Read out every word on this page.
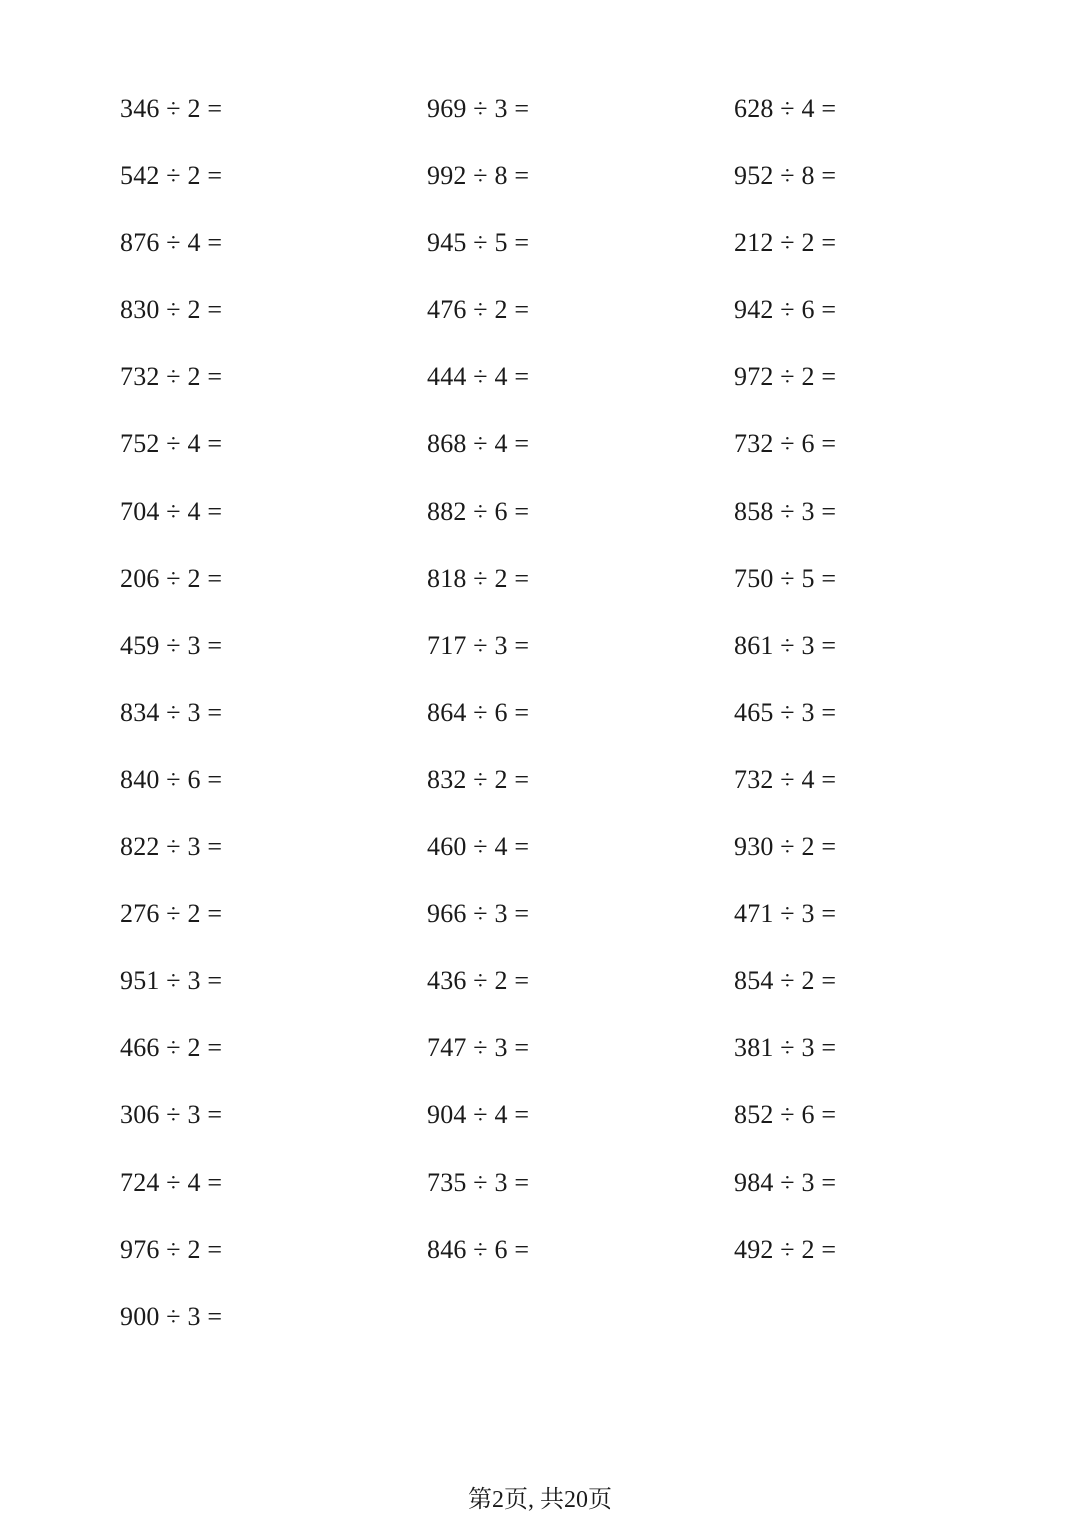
346 ÷ 2 =	969 ÷ 3 =	628 ÷ 4 =
542 ÷ 2 =	992 ÷ 8 =	952 ÷ 8 =
876 ÷ 4 =	945 ÷ 5 =	212 ÷ 2 =
830 ÷ 2 =	476 ÷ 2 =	942 ÷ 6 =
732 ÷ 2 =	444 ÷ 4 =	972 ÷ 2 =
752 ÷ 4 =	868 ÷ 4 =	732 ÷ 6 =
704 ÷ 4 =	882 ÷ 6 =	858 ÷ 3 =
206 ÷ 2 =	818 ÷ 2 =	750 ÷ 5 =
459 ÷ 3 =	717 ÷ 3 =	861 ÷ 3 =
834 ÷ 3 =	864 ÷ 6 =	465 ÷ 3 =
840 ÷ 6 =	832 ÷ 2 =	732 ÷ 4 =
822 ÷ 3 =	460 ÷ 4 =	930 ÷ 2 =
276 ÷ 2 =	966 ÷ 3 =	471 ÷ 3 =
951 ÷ 3 =	436 ÷ 2 =	854 ÷ 2 =
466 ÷ 2 =	747 ÷ 3 =	381 ÷ 3 =
306 ÷ 3 =	904 ÷ 4 =	852 ÷ 6 =
724 ÷ 4 =	735 ÷ 3 =	984 ÷ 3 =
976 ÷ 2 =	846 ÷ 6 =	492 ÷ 2 =
900 ÷ 3 =
第2页, 共20页
